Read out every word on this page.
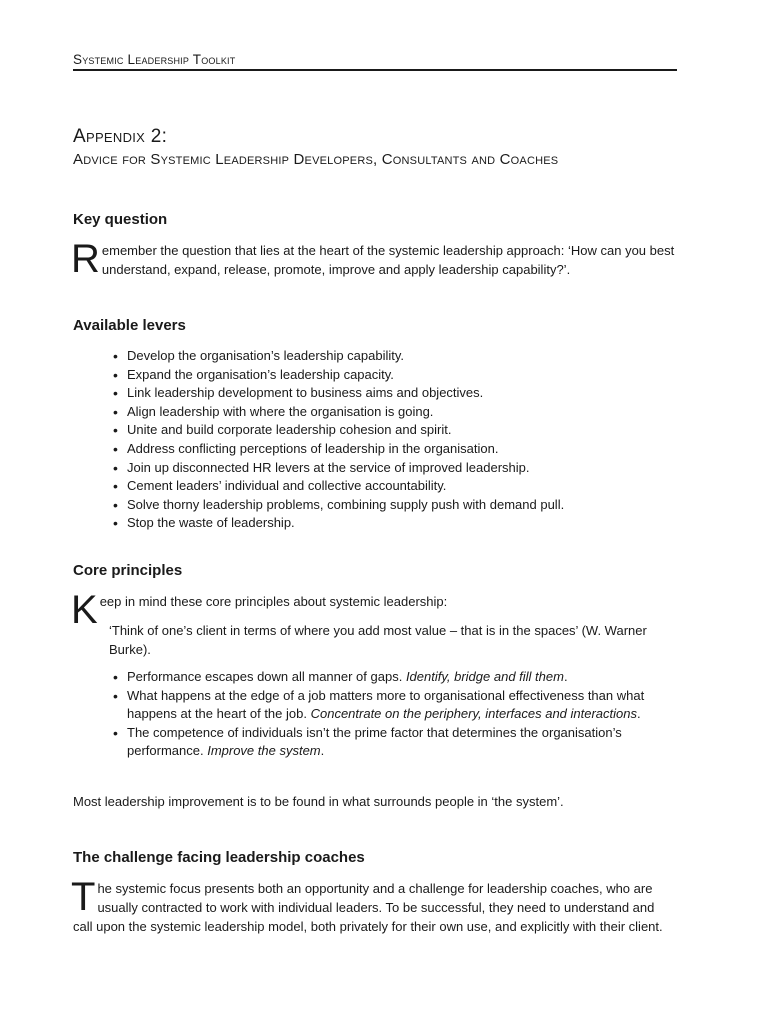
Systemic Leadership Toolkit
Appendix 2:
Advice for Systemic Leadership Developers, Consultants and Coaches
Key question

Remember the question that lies at the heart of the systemic leadership approach: ‘How can you best understand, expand, release, promote, improve and apply leadership capability?’.

Available levers
• Develop the organisation’s leadership capability.
• Expand the organisation’s leadership capacity.
• Link leadership development to business aims and objectives.
• Align leadership with where the organisation is going.
• Unite and build corporate leadership cohesion and spirit.
• Address conflicting perceptions of leadership in the organisation.
• Join up disconnected HR levers at the service of improved leadership.
• Cement leaders’ individual and collective accountability.
• Solve thorny leadership problems, combining supply push with demand pull.
• Stop the waste of leadership.
Core principles

Keep in mind these core principles about systemic leadership:

‘Think of one’s client in terms of where you add most value – that is in the spaces’ (W. Warner Burke).

• Performance escapes down all manner of gaps. Identify, bridge and fill them.
• What happens at the edge of a job matters more to organisational effectiveness than what happens at the heart of the job. Concentrate on the periphery, interfaces and interactions.
• The competence of individuals isn’t the prime factor that determines the organisation’s performance. Improve the system.

Most leadership improvement is to be found in what surrounds people in ‘the system’.

The challenge facing leadership coaches

The systemic focus presents both an opportunity and a challenge for leadership coaches, who are usually contracted to work with individual leaders. To be successful, they need to understand and call upon the systemic leadership model, both privately for their own use, and explicitly with their client.
